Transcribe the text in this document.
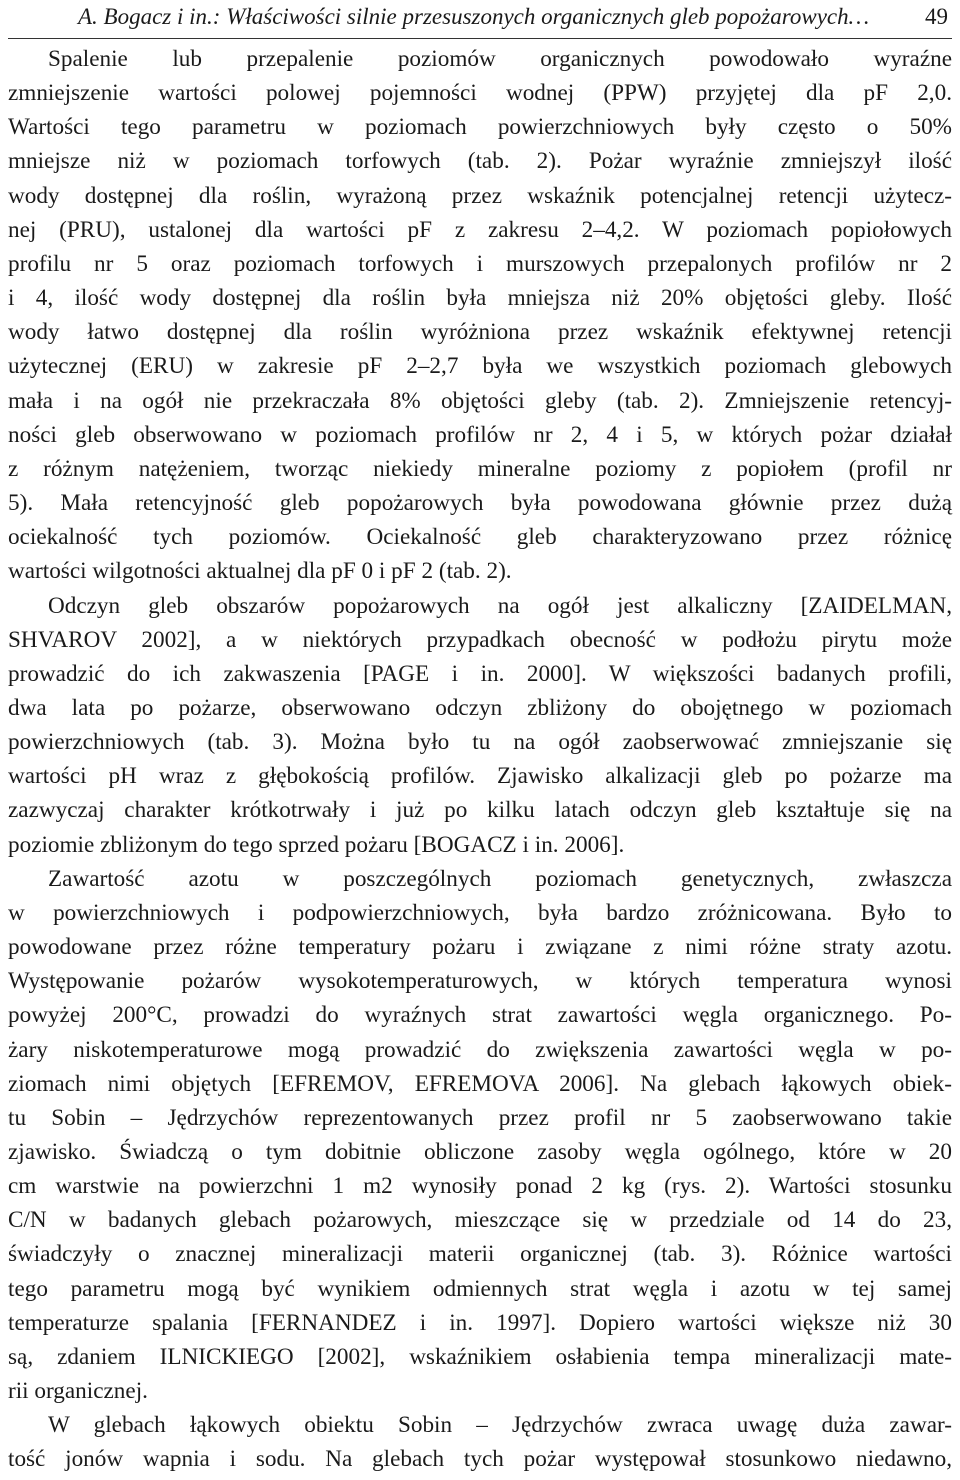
A. Bogacz i in.: Właściwości silnie przesuszonych organicznych gleb popożarowych… 49
Spalenie lub przepalenie poziomów organicznych powodowało wyraźne
zmniejszenie wartości polowej pojemności wodnej (PPW) przyjętej dla pF 2,0.
Wartości tego parametru w poziomach powierzchniowych były często o 50%
mniejsze niż w poziomach torfowych (tab. 2). Pożar wyraźnie zmniejszył ilość
wody dostępnej dla roślin, wyrażoną przez wskaźnik potencjalnej retencji użytecz-
nej (PRU), ustalonej dla wartości pF z zakresu 2–4,2. W poziomach popiołowych
profilu nr 5 oraz poziomach torfowych i murszowych przepalonych profilów nr 2
i 4, ilość wody dostępnej dla roślin była mniejsza niż 20% objętości gleby. Ilość
wody łatwo dostępnej dla roślin wyróżniona przez wskaźnik efektywnej retencji
użytecznej (ERU) w zakresie pF 2–2,7 była we wszystkich poziomach glebowych
mała i na ogół nie przekraczała 8% objętości gleby (tab. 2). Zmniejszenie retencyj-
ności gleb obserwowano w poziomach profilów nr 2, 4 i 5, w których pożar działał
z różnym natężeniem, tworząc niekiedy mineralne poziomy z popiołem (profil nr
5). Mała retencyjność gleb popożarowych była powodowana głównie przez dużą
ociekalność tych poziomów. Ociekalność gleb charakteryzowano przez różnicę
wartości wilgotności aktualnej dla pF 0 i pF 2 (tab. 2).
Odczyn gleb obszarów popożarowych na ogół jest alkaliczny [ZAIDELMAN,
SHVAROV 2002], a w niektórych przypadkach obecność w podłożu pirytu może
prowadzić do ich zakwaszenia [PAGE i in. 2000]. W większości badanych profili,
dwa lata po pożarze, obserwowano odczyn zbliżony do obojętnego w poziomach
powierzchniowych (tab. 3). Można było tu na ogół zaobserwować zmniejszanie się
wartości pH wraz z głębokością profilów. Zjawisko alkalizacji gleb po pożarze ma
zazwyczaj charakter krótkotrwały i już po kilku latach odczyn gleb kształtuje się na
poziomie zbliżonym do tego sprzed pożaru [BOGACZ i in. 2006].
Zawartość azotu w poszczególnych poziomach genetycznych, zwłaszcza
w powierzchniowych i podpowierzchniowych, była bardzo zróżnicowana. Było to
powodowane przez różne temperatury pożaru i związane z nimi różne straty azotu.
Występowanie pożarów wysokotemperaturowych, w których temperatura wynosi
powyżej 200°C, prowadzi do wyraźnych strat zawartości węgla organicznego. Po-
żary niskotemperaturowe mogą prowadzić do zwiększenia zawartości węgla w po-
ziomach nimi objętych [EFREMOV, EFREMOVA 2006]. Na glebach łąkowych obiek-
tu Sobin – Jędrzychów reprezentowanych przez profil nr 5 zaobserwowano takie
zjawisko. Świadczą o tym dobitnie obliczone zasoby węgla ogólnego, które w 20
cm warstwie na powierzchni 1 m2 wynosiły ponad 2 kg (rys. 2). Wartości stosunku
C/N w badanych glebach pożarowych, mieszczące się w przedziale od 14 do 23,
świadczyły o znacznej mineralizacji materii organicznej (tab. 3). Różnice wartości
tego parametru mogą być wynikiem odmiennych strat węgla i azotu w tej samej
temperaturze spalania [FERNANDEZ i in. 1997]. Dopiero wartości większe niż 30
są, zdaniem ILNICKIEGO [2002], wskaźnikiem osłabienia tempa mineralizacji mate-
rii organicznej.
W glebach łąkowych obiektu Sobin – Jędrzychów zwraca uwagę duża zawar-
tość jonów wapnia i sodu. Na glebach tych pożar występował stosunkowo niedawno,
